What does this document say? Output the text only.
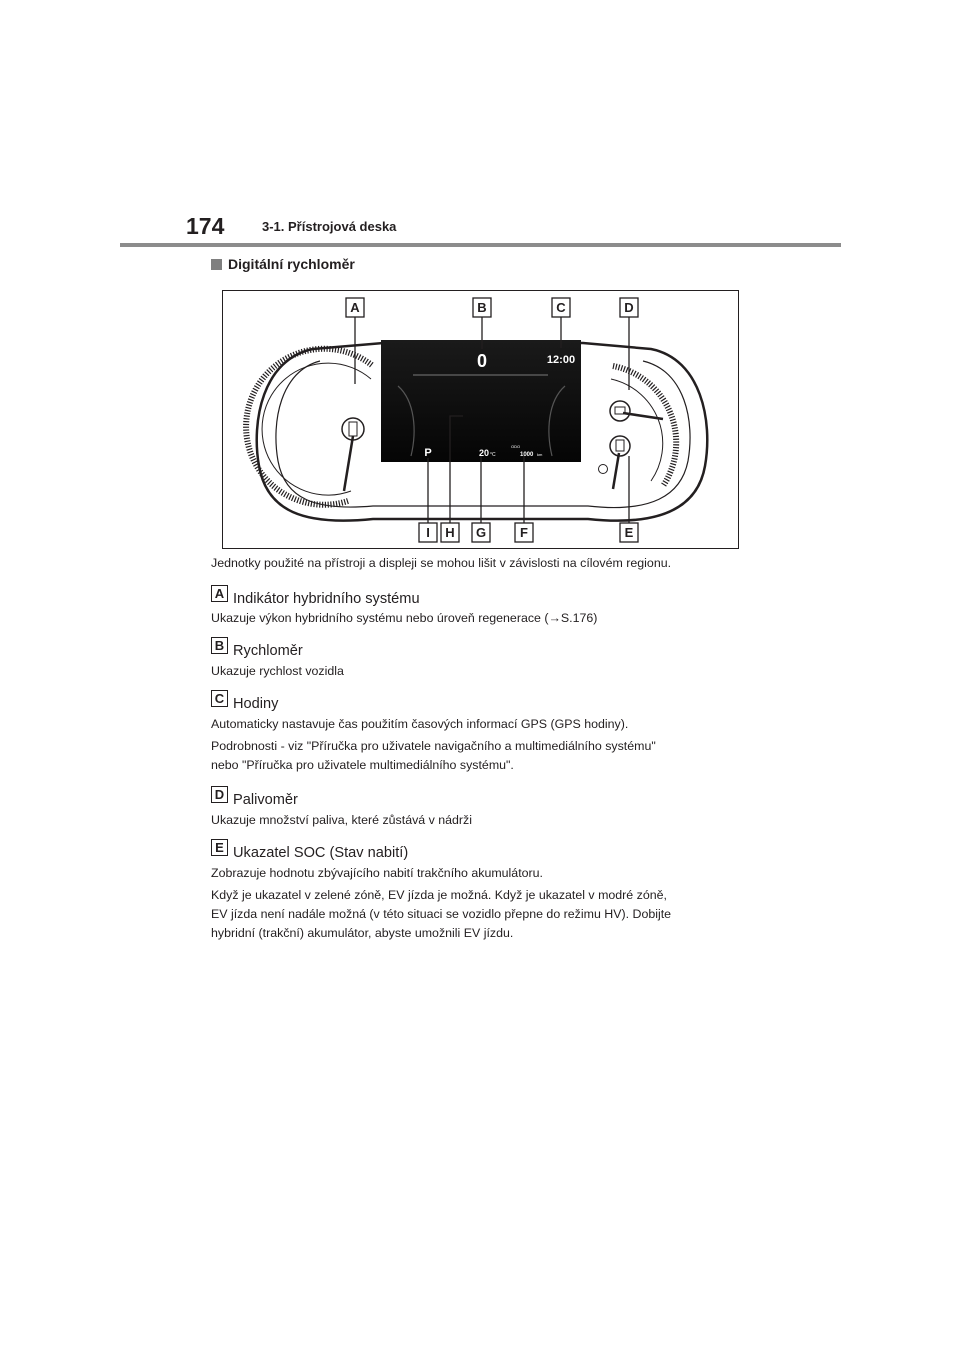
174	3-1. Přístrojová deska
Digitální rychloměr
0	12:00
P	20 °C
ODO
1000 km
A	B	C	D
E
F
G
H
I
Jednotky použité na přístroji a displeji se mohou lišit v závislosti na cílovém regionu.
A Indikátor hybridního systému
Ukazuje výkon hybridního systému nebo úroveň regenerace (→S.176)
B Rychloměr
Ukazuje rychlost vozidla
C Hodiny
Automaticky nastavuje čas použitím časových informací GPS (GPS hodiny).
Podrobnosti - viz "Příručka pro uživatele navigačního a multimediálního systému"
nebo "Příručka pro uživatele multimediálního systému".
D Palivoměr
Ukazuje množství paliva, které zůstává v nádrži
E Ukazatel SOC (Stav nabití)
Zobrazuje hodnotu zbývajícího nabití trakčního akumulátoru.
Když je ukazatel v zelené zóně, EV jízda je možná. Když je ukazatel v modré zóně,
EV jízda není nadále možná (v této situaci se vozidlo přepne do režimu HV). Dobijte
hybridní (trakční) akumulátor, abyste umožnili EV jízdu.
